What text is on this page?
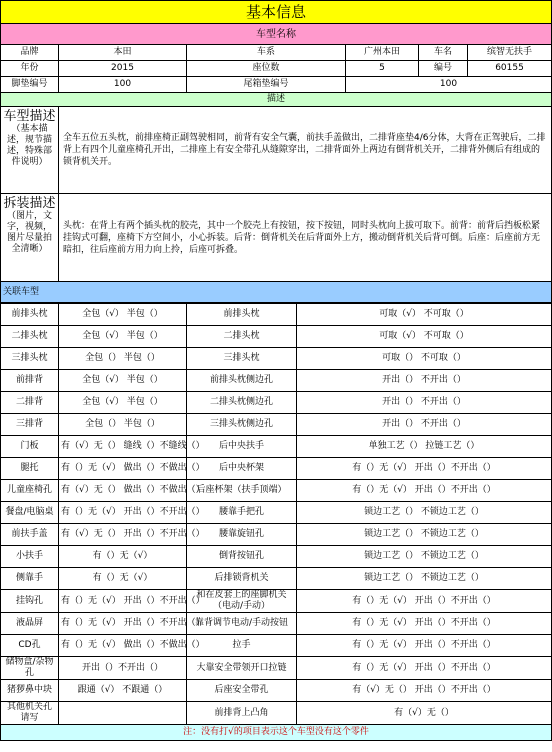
基本信息					
车型名称					
品牌	本田	车系	广州本田	车名	缤智无扶手
年份	2015	座位数	5	编号	60155
脚垫编号	100	尾箱垫编号	100		
描述					
车型描述
（基本描述，规节描述，特殊部件说明）	全车五位五头枕，前排座椅正副驾驶相同，前背有安全气囊，前扶手盖做出，二排背座垫4/6分体，大背在正驾驶后，二排背上有四个儿童座椅孔开出，二排座上有安全带孔从缝隙穿出，二排背面外上两边有倒背机关开，二排背外侧后有组成的锁背机关开。				
拆装描述
（图片，文字，视频，图片尽量拍全清晰）	头枕：在背上有两个插头枕的胶壳，其中一个胶壳上有按钮，按下按钮，同时头枕向上拔可取下。前背：前背后挡板松紧挂钩式可翻，座椅下方空间小，小心拆装。后背：倒背机关在后背面外上方，搬动倒背机关后背可倒。后座：后座前方无暗扣，往后座前方用力向上拎，后座可拆叠。				
关联车型					
前排头枕	全包（√） 半包（）	前排头枕	可取（√） 不可取（）
二排头枕	全包（√） 半包（）	二排头枕	可取（√） 不可取（）
三排头枕	全包（） 半包（）	三排头枕	可取（） 不可取（）
前排背	全包（√） 半包（）	前排头枕侧边孔	开出（） 不开出（）
二排背	全包（√） 半包（）	二排头枕侧边孔	开出（） 不开出（）
三排背	全包（） 半包（）	三排头枕侧边孔	开出（） 不开出（）
门板	有（√）无（） 缝线（）不缝线（）	后中央扶手	单独工艺（） 拉链工艺（）
腿托	有（）无（√） 做出（）不做出（）	后中央杯架	有（）无（√） 开出（）不开出（）
儿童座椅孔	有（√）无（） 做出（）不做出（）	后座杯架（扶手顶端）	有（）无（√） 开出（）不开出（）
餐盘/电脑桌	有（）无（√） 开出（）不开出（）	腰靠手把孔	锁边工艺（） 不锁边工艺（）
前扶手盖	有（√）无（） 开出（）不开出（）	腰靠旋钮孔	锁边工艺（） 不锁边工艺（）
小扶手	有（）无（√）	倒背按钮孔	锁边工艺（） 不锁边工艺（）
侧靠手	有（）无（√）	后排锁背机关	锁边工艺（） 不锁边工艺（）
挂钩孔	有（）无（√） 开出（）不开出（）	和在皮套上的座脚机关（电动/手动）	有（）无（√） 开出（）不开出（）
液晶屏	有（）无（√） 开出（）不开出（）	靠背调节电动/手动按钮	有（）无（√） 开出（）不开出（）
CD孔	有（）无（√） 做出（）不做出（）	拉手	有（）无（√） 开出（）不开出（）
储物盒/杂物孔	开出（）不开出（）	大靠安全带领开口拉链	有（）无（√） 开出（）不开出（）
猪猡鼻中块	跟通（√） 不跟通（）	后座安全带孔	有（√）无（） 开出（）不开出（）
其他机关孔请写		前排背上凸角	有（√）无（）
注：没有打√的项目表示这个车型没有这个零件			
